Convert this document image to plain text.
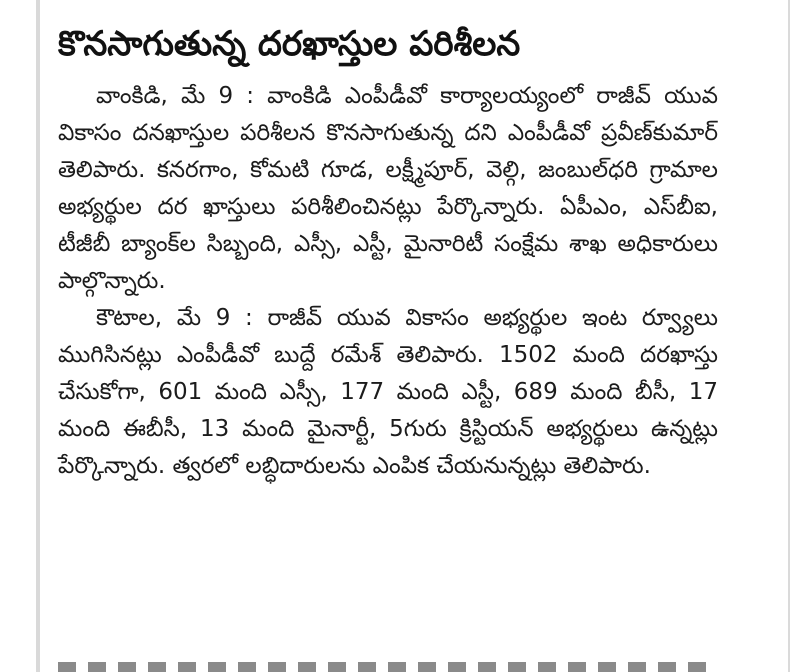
కొనసాగుతున్న దరఖాస్తుల పరిశీలన

వాంకిడి, మే 9 : వాంకిడి ఎంపీడీవో కార్యాలయ్యంలో రాజీవ్ యువ వికాసం దనఖాస్తుల పరిశీలన కొనసాగుతున్న దని ఎంపీడీవో ప్రవీణ్‌కుమార్ తెలిపారు. కనరగాం, కోమటి గూడ, లక్ష్మీపూర్, వెల్గి, జంబుల్‌ధరి గ్రామాల అభ్యర్థుల దర ఖాస్తులు పరిశీలించినట్లు పేర్కొన్నారు. ఏపీఎం, ఎస్‌బీఐ, టీజీబీ బ్యాంక్‌ల సిబ్బంది, ఎస్సీ, ఎస్టీ, మైనారిటీ సంక్షేమ శాఖ అధికారులు పాల్గొన్నారు.

కౌటాల, మే 9 : రాజీవ్ యువ వికాసం అభ్యర్థుల ఇంట ర్వ్యూలు ముగిసినట్లు ఎంపీడీవో బుద్దే రమేశ్ తెలిపారు. 1502 మంది దరఖాస్తు చేసుకోగా, 601 మంది ఎస్సీ, 177 మంది ఎస్టీ, 689 మంది బీసీ, 17 మంది ఈబీసీ, 13 మంది మైనార్టీ, 5గురు క్రిస్టియన్ అభ్యర్థులు ఉన్నట్లు పేర్కొన్నారు. త్వరలో లబ్ధిదారులను ఎంపిక చేయనున్నట్లు తెలిపారు.
